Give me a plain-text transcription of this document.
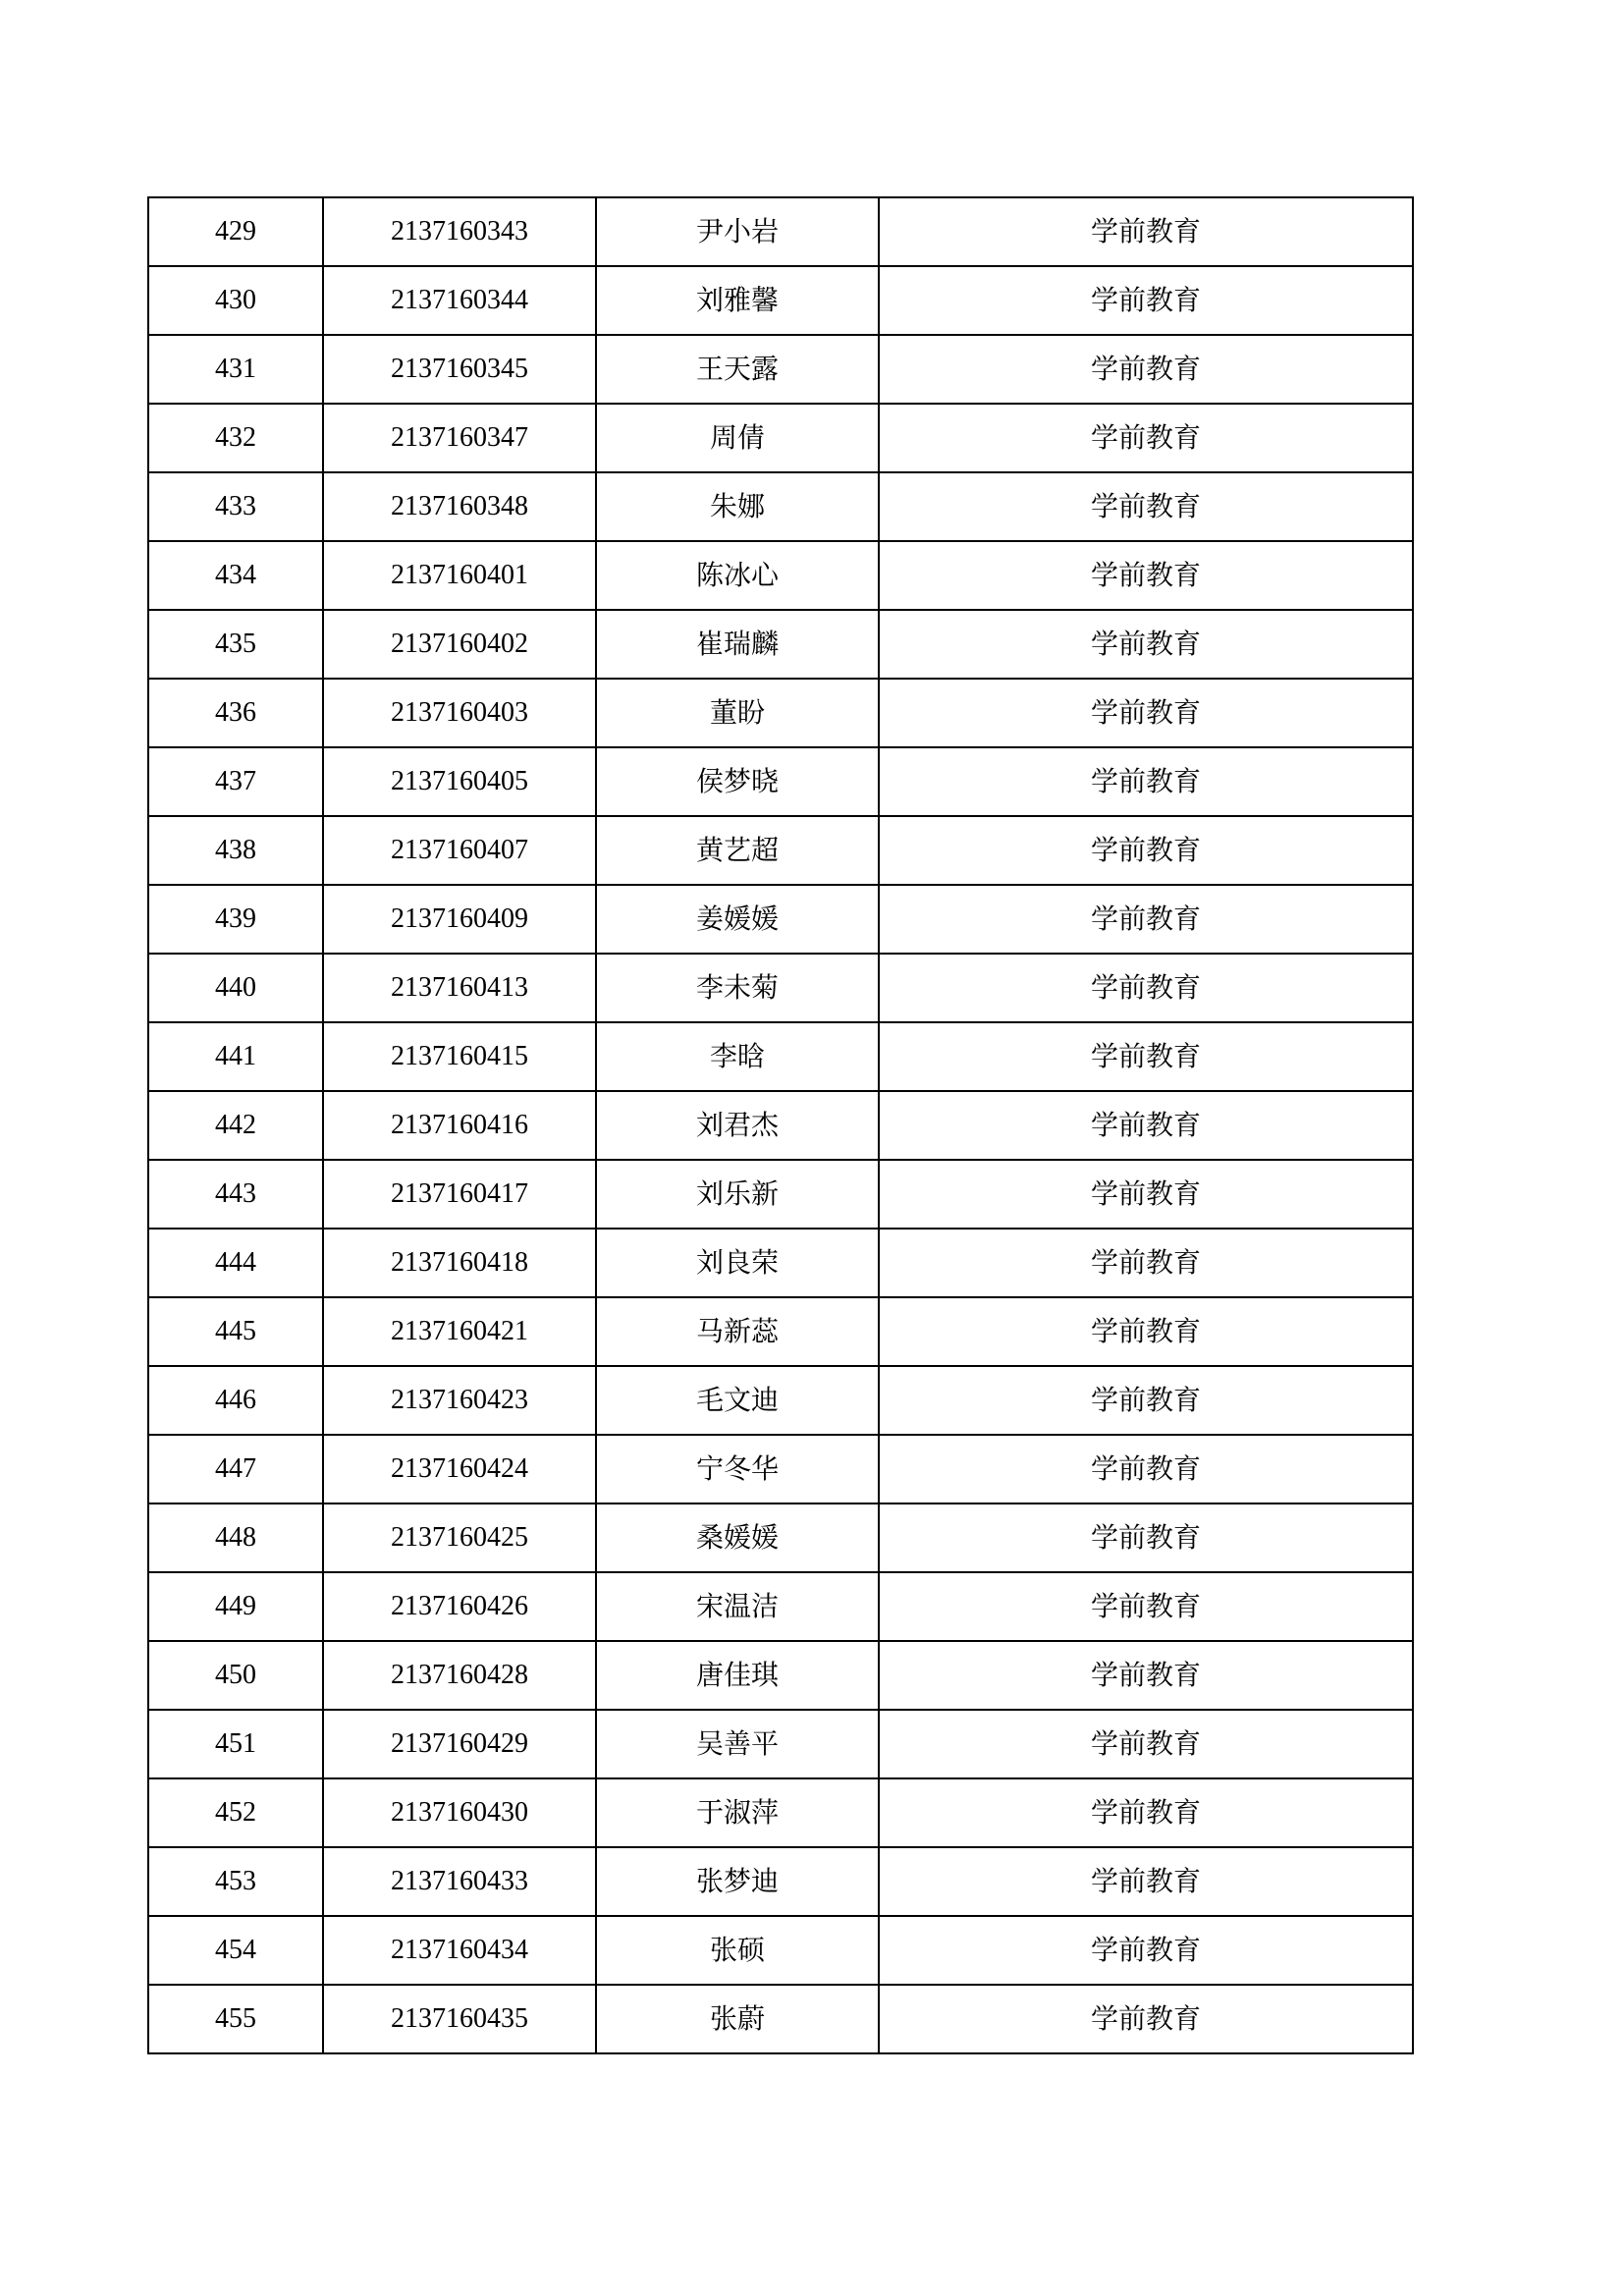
429	2137160343	尹小岩	学前教育
430	2137160344	刘雅馨	学前教育
431	2137160345	王天露	学前教育
432	2137160347	周倩	学前教育
433	2137160348	朱娜	学前教育
434	2137160401	陈冰心	学前教育
435	2137160402	崔瑞麟	学前教育
436	2137160403	董盼	学前教育
437	2137160405	侯梦晓	学前教育
438	2137160407	黄艺超	学前教育
439	2137160409	姜媛媛	学前教育
440	2137160413	李未菊	学前教育
441	2137160415	李晗	学前教育
442	2137160416	刘君杰	学前教育
443	2137160417	刘乐新	学前教育
444	2137160418	刘良荣	学前教育
445	2137160421	马新蕊	学前教育
446	2137160423	毛文迪	学前教育
447	2137160424	宁冬华	学前教育
448	2137160425	桑媛媛	学前教育
449	2137160426	宋温洁	学前教育
450	2137160428	唐佳琪	学前教育
451	2137160429	吴善平	学前教育
452	2137160430	于淑萍	学前教育
453	2137160433	张梦迪	学前教育
454	2137160434	张硕	学前教育
455	2137160435	张蔚	学前教育
